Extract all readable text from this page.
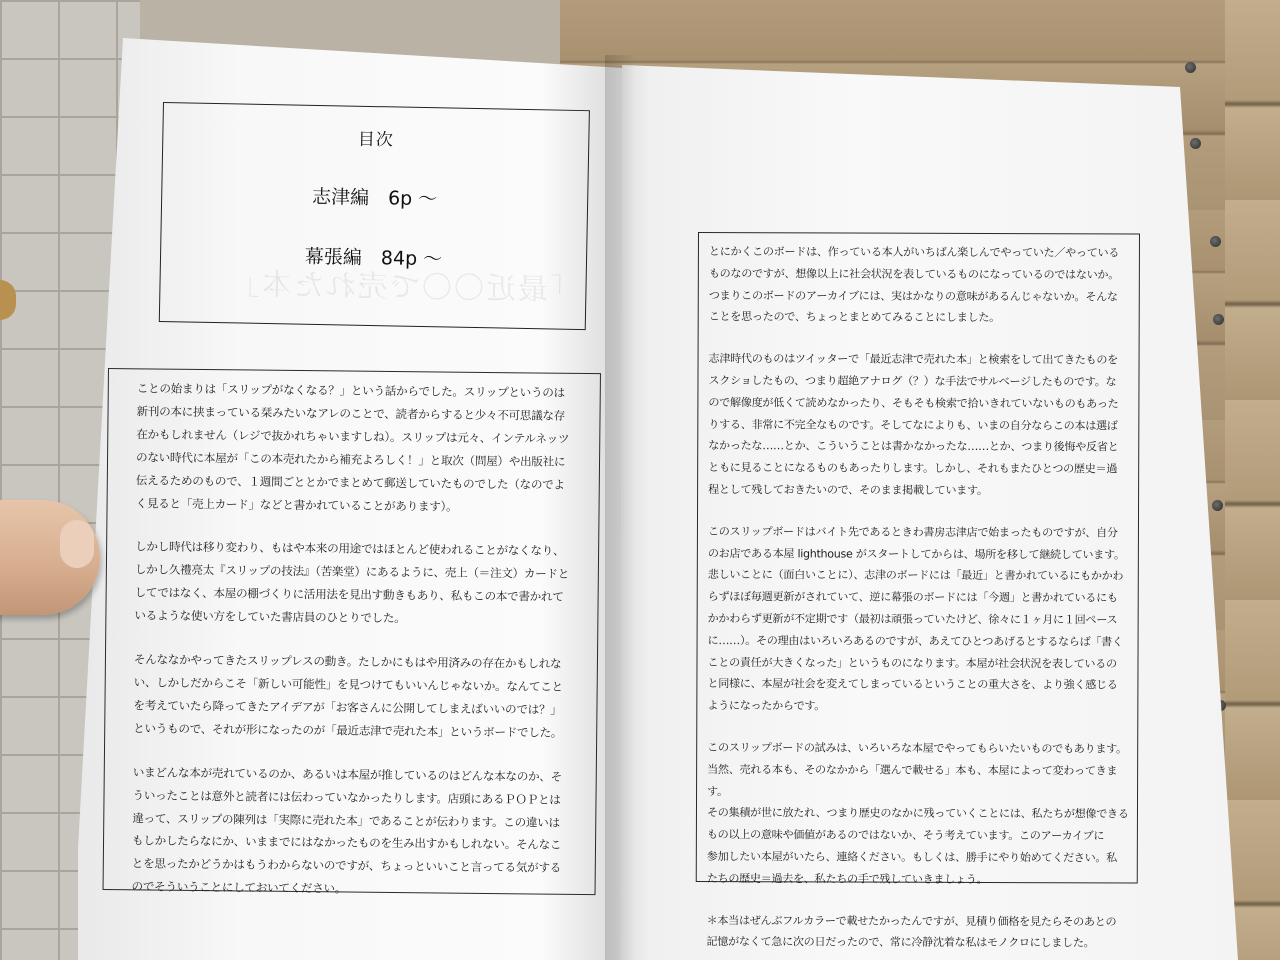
「最近〇〇で売れた本」
目次
志津編　6p 〜
幕張編　84p 〜

ことの始まりは「スリップがなくなる？」という話からでした。スリップというのは
新刊の本に挟まっている栞みたいなアレのことで、読者からすると少々不可思議な存
在かもしれません（レジで抜かれちゃいますしね）。スリップは元々、インテルネッツ
のない時代に本屋が「この本売れたから補充よろしく！」と取次（問屋）や出版社に
伝えるためのもので、１週間ごととかでまとめて郵送していたものでした（なのでよ
く見ると「売上カード」などと書かれていることがあります）。

しかし時代は移り変わり、もはや本来の用途ではほとんど使われることがなくなり、
しかし久禮亮太『スリップの技法』（苦楽堂）にあるように、売上（＝注文）カードと
してではなく、本屋の棚づくりに活用法を見出す動きもあり、私もこの本で書かれて
いるような使い方をしていた書店員のひとりでした。

そんななかやってきたスリップレスの動き。たしかにもはや用済みの存在かもしれな
い、しかしだからこそ「新しい可能性」を見つけてもいいんじゃないか。なんてこと
を考えていたら降ってきたアイデアが「お客さんに公開してしまえばいいのでは？」
というもので、それが形になったのが「最近志津で売れた本」というボードでした。

いまどんな本が売れているのか、あるいは本屋が推しているのはどんな本なのか、そ
ういったことは意外と読者には伝わっていなかったりします。店頭にあるＰＯＰとは
違って、スリップの陳列は「実際に売れた本」であることが伝わります。この違いは
もしかしたらなにか、いままでにはなかったものを生み出すかもしれない。そんなこ
とを思ったかどうかはもうわからないのですが、ちょっといいこと言ってる気がする
のでそういうことにしておいてください。

とにかくこのボードは、作っている本人がいちばん楽しんでやっていた／やっている
ものなのですが、想像以上に社会状況を表しているものになっているのではないか。
つまりこのボードのアーカイブには、実はかなりの意味があるんじゃないか。そんな
ことを思ったので、ちょっとまとめてみることにしました。

志津時代のものはツイッターで「最近志津で売れた本」と検索をして出てきたものを
スクショしたもの、つまり超絶アナログ（？）な手法でサルベージしたものです。な
ので解像度が低くて読めなかったり、そもそも検索で拾いきれていないものもあった
りする、非常に不完全なものです。そしてなによりも、いまの自分ならこの本は選ば
なかったな……とか、こういうことは書かなかったな……とか、つまり後悔や反省と
ともに見ることになるものもあったりします。しかし、それもまたひとつの歴史＝過
程として残しておきたいので、そのまま掲載しています。

このスリップボードはバイト先であるときわ書房志津店で始まったものですが、自分
のお店である本屋 lighthouse がスタートしてからは、場所を移して継続しています。
悲しいことに（面白いことに）、志津のボードには「最近」と書かれているにもかかわ
らずほぼ毎週更新がされていて、逆に幕張のボードには「今週」と書かれているにも
かかわらず更新が不定期です（最初は頑張っていたけど、徐々に１ヶ月に１回ペース
に……）。その理由はいろいろあるのですが、あえてひとつあげるとするならば「書く
ことの責任が大きくなった」というものになります。本屋が社会状況を表しているの
と同様に、本屋が社会を変えてしまっているということの重大さを、より強く感じる
ようになったからです。

このスリップボードの試みは、いろいろな本屋でやってもらいたいものでもあります。
当然、売れる本も、そのなかから「選んで載せる」本も、本屋によって変わってきます。
その集積が世に放たれ、つまり歴史のなかに残っていくことには、私たちが想像できる
もの以上の意味や価値があるのではないか、そう考えています。このアーカイブに
参加したい本屋がいたら、連絡ください。もしくは、勝手にやり始めてください。私
たちの歴史＝過去を、私たちの手で残していきましょう。

＊本当はぜんぶフルカラーで載せたかったんですが、見積り価格を見たらそのあとの
記憶がなくて急に次の日だったので、常に冷静沈着な私はモノクロにしました。
